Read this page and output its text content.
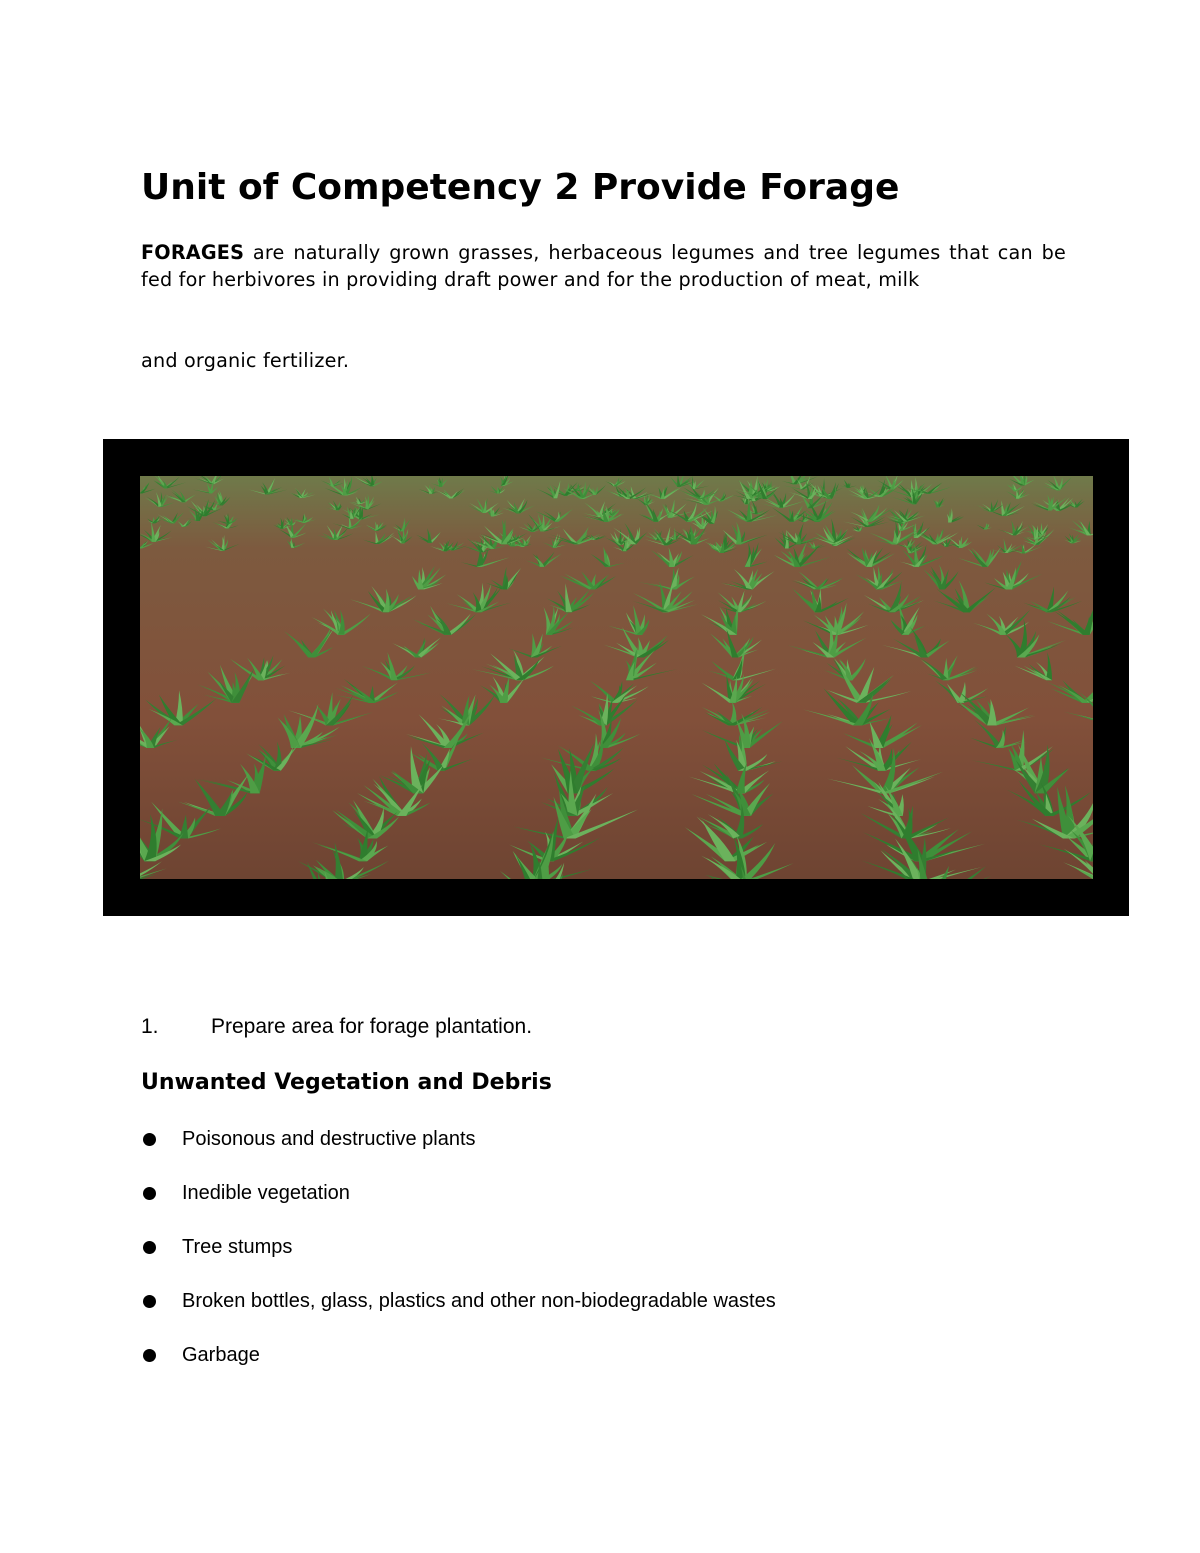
Unit of Competency 2 Provide Forage

FORAGES are naturally grown grasses, herbaceous legumes and tree legumes that can be fed for herbivores in providing draft power and for the production of meat, milk

and organic fertilizer.

1. Prepare area for forage plantation.
Unwanted Vegetation and Debris
Poisonous and destructive plants
Inedible vegetation
Tree stumps
Broken bottles, glass, plastics and other non-biodegradable wastes
Garbage
